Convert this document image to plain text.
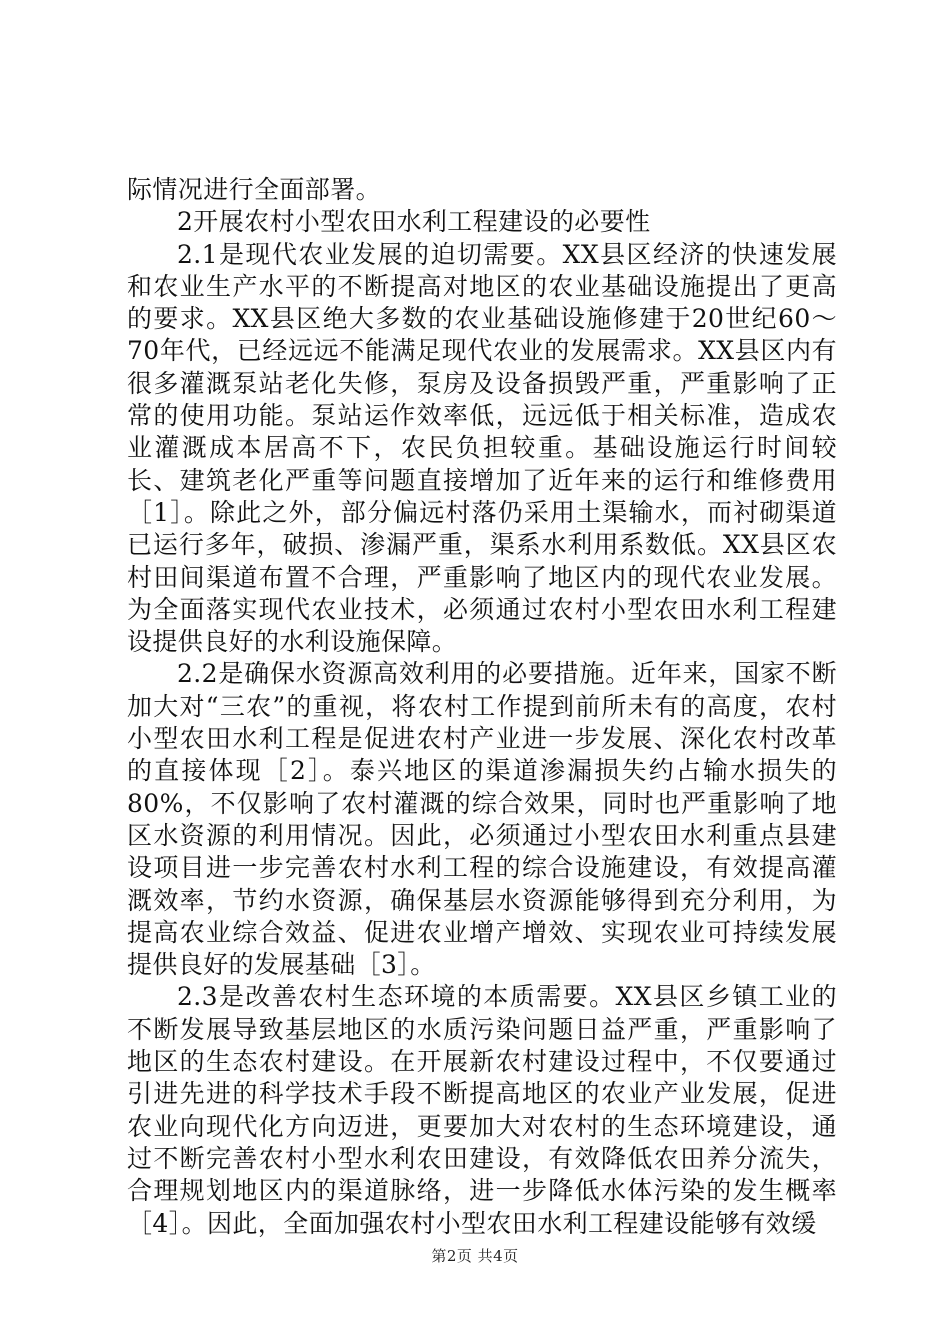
际情况进行全面部署。

2开展农村小型农田水利工程建设的必要性

2.1是现代农业发展的迫切需要。XX县区经济的快速发展和农业生产水平的不断提高对地区的农业基础设施提出了更高的要求。XX县区绝大多数的农业基础设施修建于20世纪60～70年代，已经远远不能满足现代农业的发展需求。XX县区内有很多灌溉泵站老化失修，泵房及设备损毁严重，严重影响了正常的使用功能。泵站运作效率低，远远低于相关标准，造成农业灌溉成本居高不下，农民负担较重。基础设施运行时间较长、建筑老化严重等问题直接增加了近年来的运行和维修费用［1］。除此之外，部分偏远村落仍采用土渠输水，而衬砌渠道已运行多年，破损、渗漏严重，渠系水利用系数低。XX县区农村田间渠道布置不合理，严重影响了地区内的现代农业发展。为全面落实现代农业技术，必须通过农村小型农田水利工程建设提供良好的水利设施保障。

2.2是确保水资源高效利用的必要措施。近年来，国家不断加大对“三农”的重视，将农村工作提到前所未有的高度，农村小型农田水利工程是促进农村产业进一步发展、深化农村改革的直接体现［2］。泰兴地区的渠道渗漏损失约占输水损失的80%，不仅影响了农村灌溉的综合效果，同时也严重影响了地区水资源的利用情况。因此，必须通过小型农田水利重点县建设项目进一步完善农村水利工程的综合设施建设，有效提高灌溉效率，节约水资源，确保基层水资源能够得到充分利用，为提高农业综合效益、促进农业增产增效、实现农业可持续发展提供良好的发展基础［3］。

2.3是改善农村生态环境的本质需要。XX县区乡镇工业的不断发展导致基层地区的水质污染问题日益严重，严重影响了地区的生态农村建设。在开展新农村建设过程中，不仅要通过引进先进的科学技术手段不断提高地区的农业产业发展，促进农业向现代化方向迈进，更要加大对农村的生态环境建设，通过不断完善农村小型水利农田建设，有效降低农田养分流失，合理规划地区内的渠道脉络，进一步降低水体污染的发生概率［4］。因此，全面加强农村小型农田水利工程建设能够有效缓

第2页 共4页
